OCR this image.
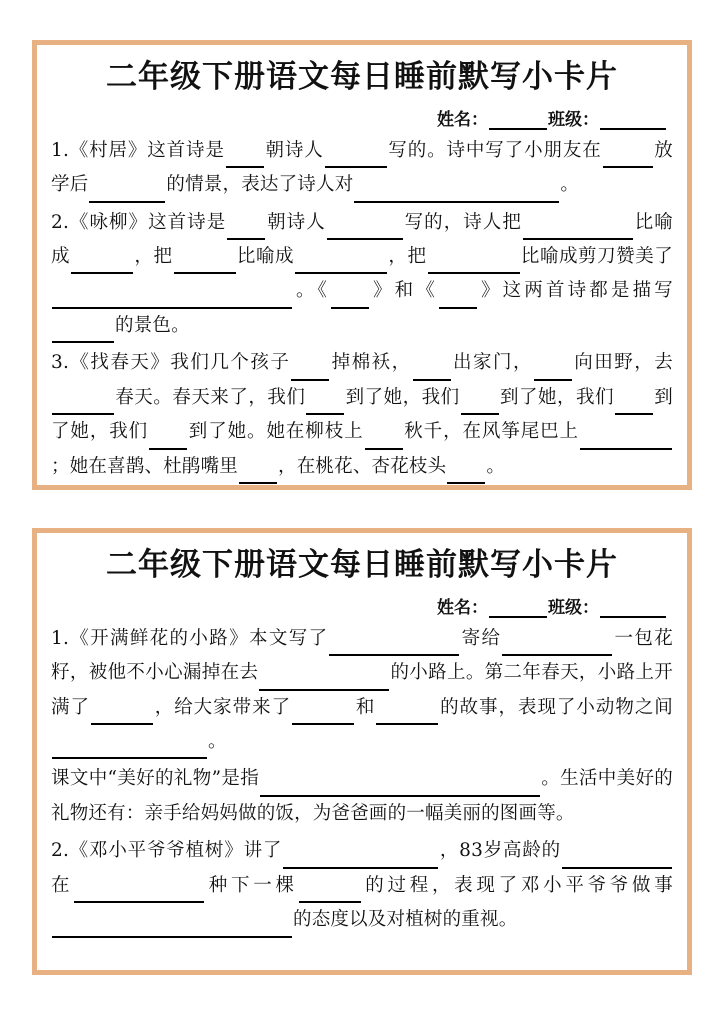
二年级下册语文每日睡前默写小卡片
姓名：	班级：

1.《村居》这首诗是 朝诗人	写的。诗中写了小朋友在	放学后	的情景，表达了诗人对	。

2.《咏柳》这首诗是 朝诗人	写的，诗人把	比喻成	，把	比喻成	，把	比喻成剪刀赞美了。《 》和《 》这两首诗都是描写的景色。

3.《找春天》我们几个孩子 掉棉袄， 出家门， 向田野，去春天。春天来了，我们 到了她，我们 到了她，我们 到了她，我们 到了她。她在柳枝上 秋千，在风筝尾巴上；她在喜鹊、杜鹃嘴里 ，在桃花、杏花枝头 。

二年级下册语文每日睡前默写小卡片
姓名：	班级：

1.《开满鲜花的小路》本文写了	寄给	一包花籽，被他不小心漏掉在去	的小路上。第二年春天，小路上开满了	，给大家带来了	和	的故事，表现了小动物之间。

课文中“美好的礼物”是指	。生活中美好的礼物还有：亲手给妈妈做的饭，为爸爸画的一幅美丽的图画等。

2.《邓小平爷爷植树》讲了	，83岁高龄的在	种下一棵	的过程，表现了邓小平爷爷做事的态度以及对植树的重视。
